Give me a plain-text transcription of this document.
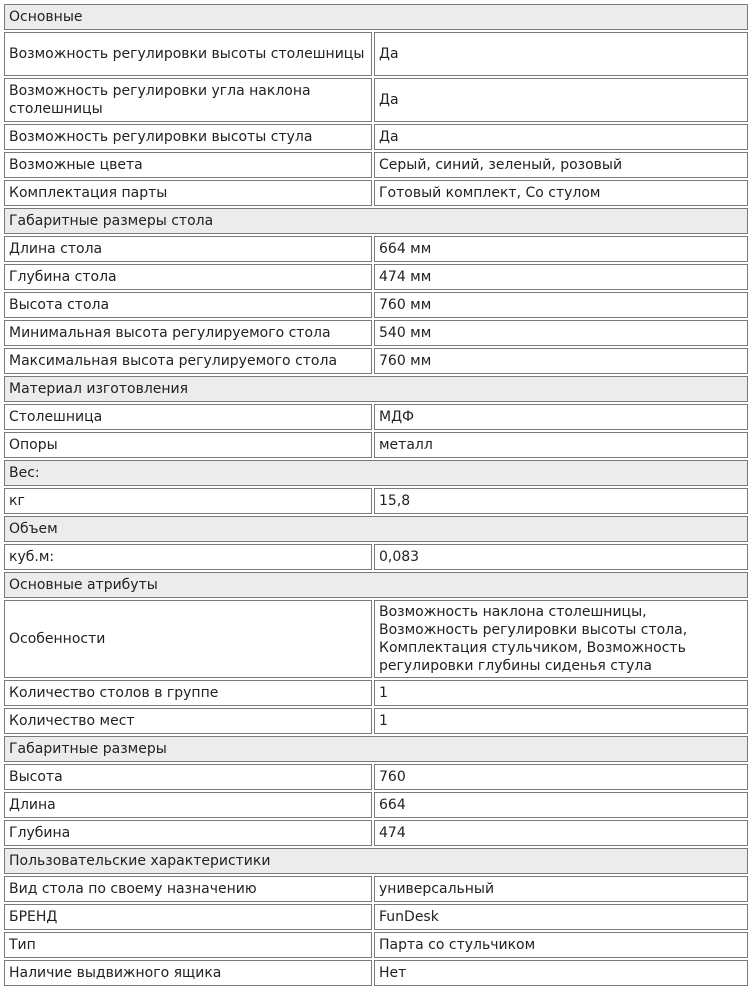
Основные	
Возможность регулировки высоты столешницы	Да
Возможность регулировки угла наклона столешницы	Да
Возможность регулировки высоты стула	Да
Возможные цвета	Серый, синий, зеленый, розовый
Комплектация парты	Готовый комплект, Со стулом
Габаритные размеры стола	
Длина стола	664 мм
Глубина стола	474 мм
Высота стола	760 мм
Минимальная высота регулируемого стола	540 мм
Максимальная высота регулируемого стола	760 мм
Материал изготовления	
Столешница	МДФ
Опоры	металл
Вес:	
кг	15,8
Объем	
куб.м:	0,083
Основные атрибуты	
Особенности	Возможность наклона столешницы, Возможность регулировки высоты стола, Комплектация стульчиком, Возможность регулировки глубины сиденья стула
Количество столов в группе	1
Количество мест	1
Габаритные размеры	
Высота	760
Длина	664
Глубина	474
Пользовательские характеристики	
Вид стола по своему назначению	универсальный
БРЕНД	FunDesk
Тип	Парта со стульчиком
Наличие выдвижного ящика	Нет
